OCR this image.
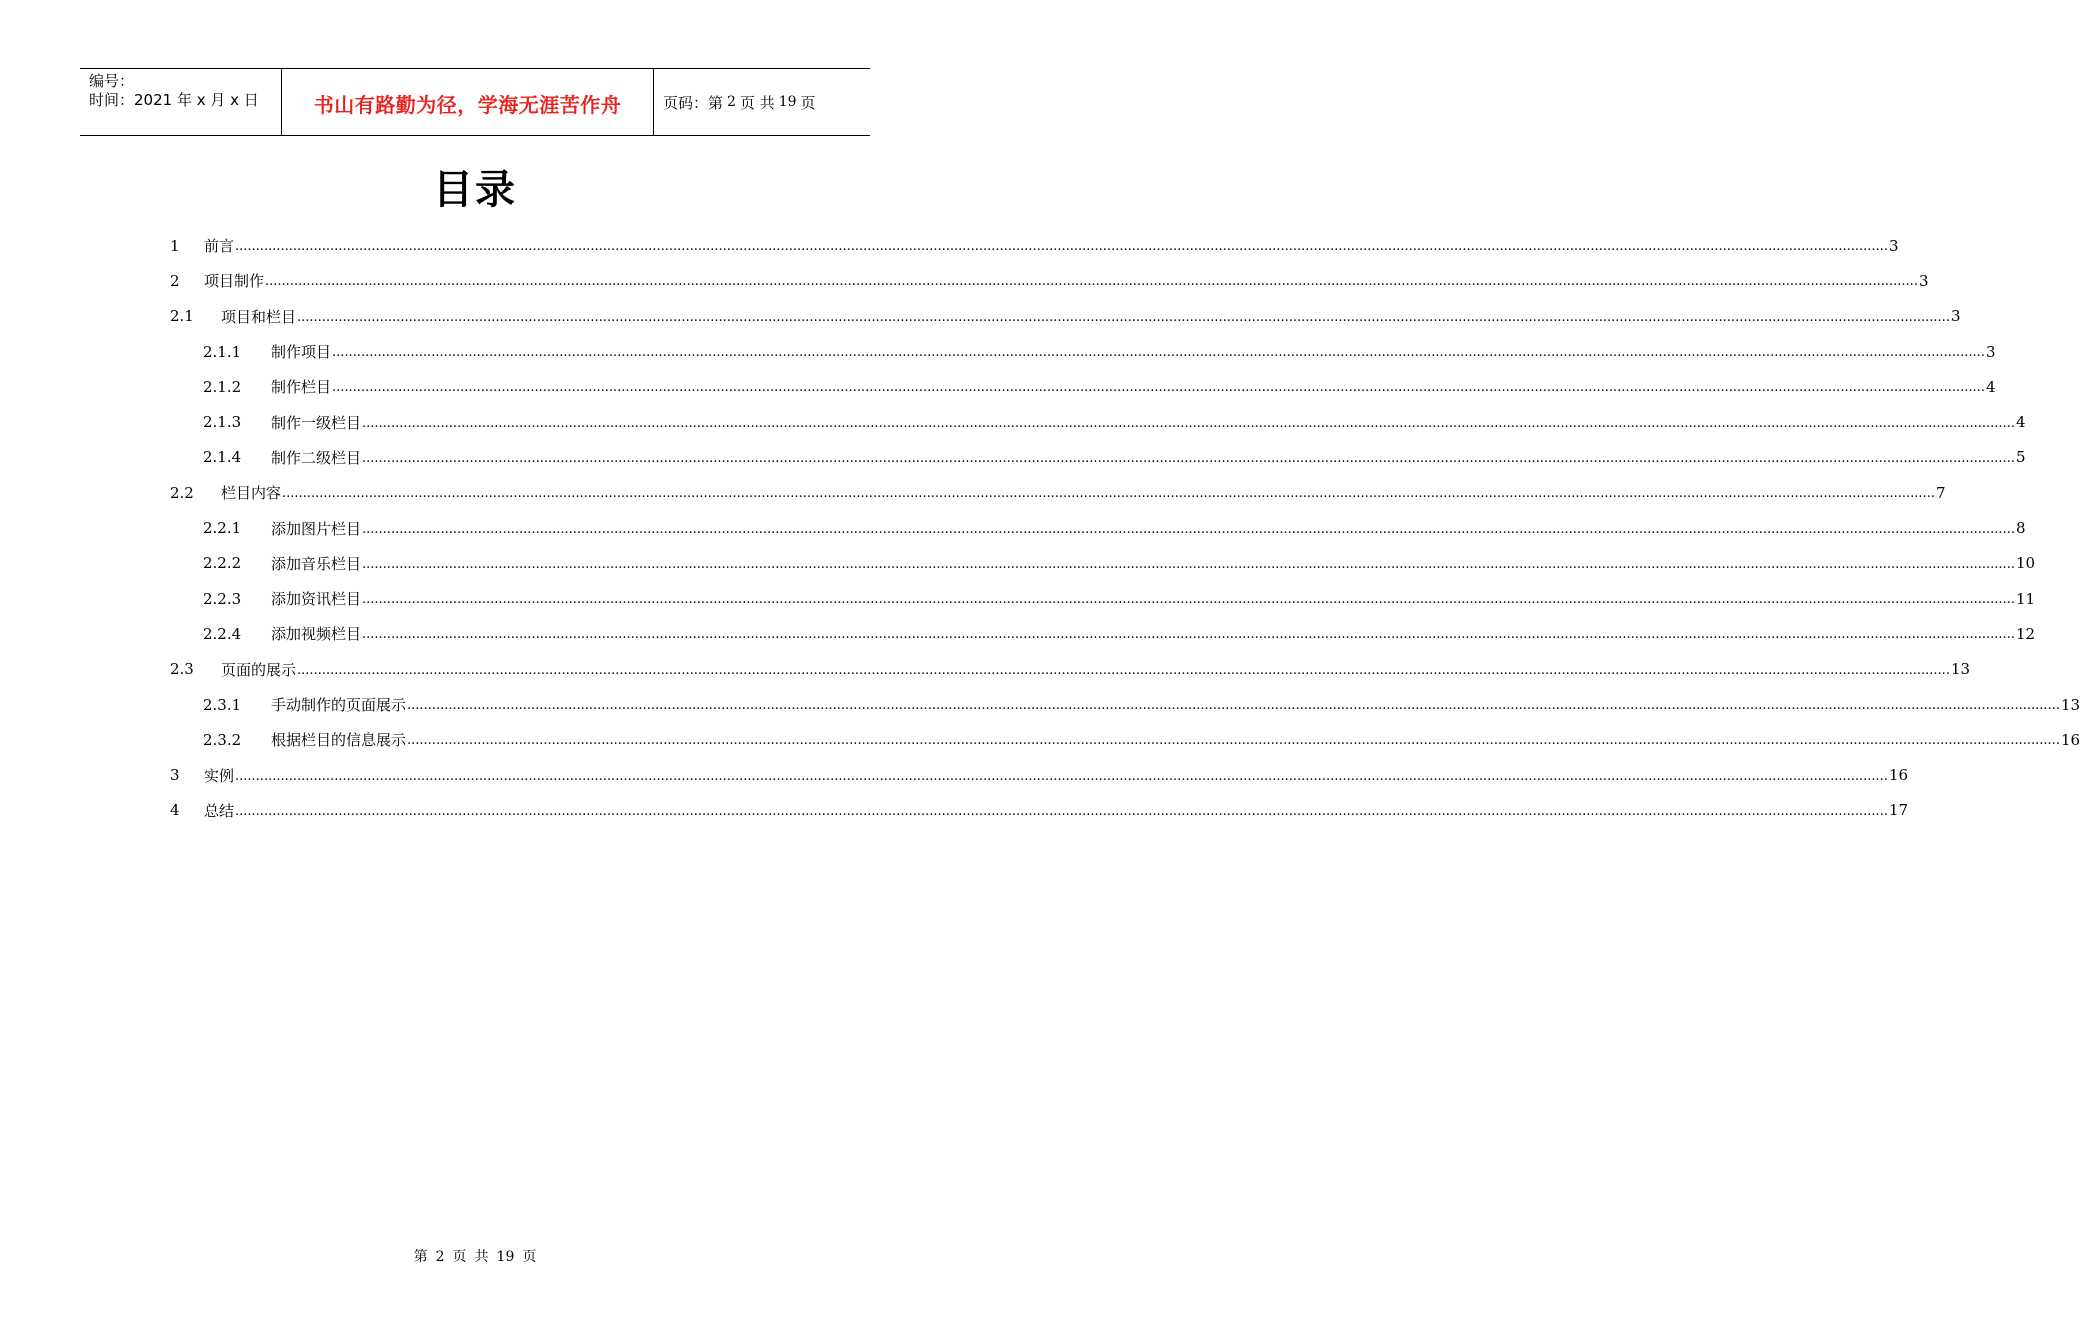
编号：
时间：2021 年 x 月 x 日	书山有路勤为径，学海无涯苦作舟	页码：第 2 页 共 19 页
目录
1	前言 ................................................................................................................................................................................................................................................................................................................................................................................................................ 3
2	项目制作 ................................................................................................................................................................................................................................................................................................................................................................................................................ 3
2.1	项目和栏目 ................................................................................................................................................................................................................................................................................................................................................................................................................ 3
2.1.1	制作项目 ................................................................................................................................................................................................................................................................................................................................................................................................................ 3
2.1.2	制作栏目 ................................................................................................................................................................................................................................................................................................................................................................................................................ 4
2.1.3	制作一级栏目 ................................................................................................................................................................................................................................................................................................................................................................................................................ 4
2.1.4	制作二级栏目 ................................................................................................................................................................................................................................................................................................................................................................................................................ 5
2.2	栏目内容 ................................................................................................................................................................................................................................................................................................................................................................................................................ 7
2.2.1	添加图片栏目 ................................................................................................................................................................................................................................................................................................................................................................................................................ 8
2.2.2	添加音乐栏目 ................................................................................................................................................................................................................................................................................................................................................................................................................ 10
2.2.3	添加资讯栏目 ................................................................................................................................................................................................................................................................................................................................................................................................................ 11
2.2.4	添加视频栏目 ................................................................................................................................................................................................................................................................................................................................................................................................................ 12
2.3	页面的展示 ................................................................................................................................................................................................................................................................................................................................................................................................................ 13
2.3.1	手动制作的页面展示 ................................................................................................................................................................................................................................................................................................................................................................................................................ 13
2.3.2	根据栏目的信息展示 ................................................................................................................................................................................................................................................................................................................................................................................................................ 16
3	实例 ................................................................................................................................................................................................................................................................................................................................................................................................................ 16
4	总结 ................................................................................................................................................................................................................................................................................................................................................................................................................ 17
第 2 页 共 19 页
